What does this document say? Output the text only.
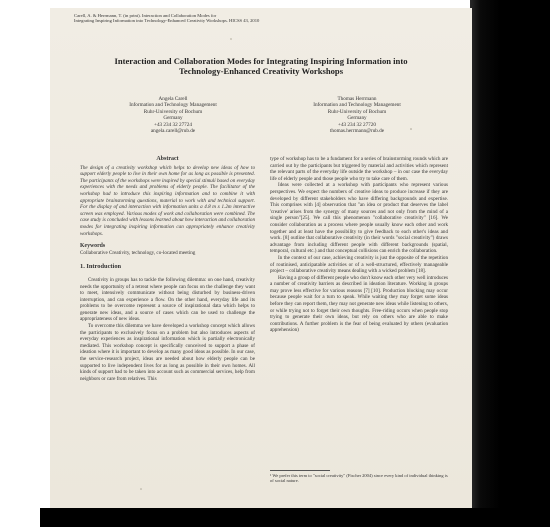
Carell, A. & Herrmann, T. (in print). Interaction and Collaboration Modes for
Integrating Inspiring Information into Technology-Enhanced Creativity Workshops. HICSS 43, 2010
Interaction and Collaboration Modes for Integrating Inspiring Information into
Technology-Enhanced Creativity Workshops
Angela Carell
Information and Technology Management
Ruhr-University of Bochum
Germany
+43 234 32 27724
angela.carell@rub.de
Thomas Herrmann
Information and Technology Management
Ruhr-University of Bochum
Germany
+43 234 32 27720
thomas.herrmann@rub.de
Abstract

The design of a creativity workshop which helps to develop new ideas of how to support elderly people to live in their own home for as long as possible is presented. The participants of the workshops were inspired by special stimuli based on everyday experiences with the needs and problems of elderly people. The facilitator of the workshop had to introduce this inspiring information and to combine it with appropriate brainstorming questions, material to work with and technical support. For the display of and interaction with information units a 4.8 m x 1.2m interactive screen was employed. Various modes of work and collaboration were combined. The case study is concluded with lessons learned about how interaction and collaboration modes for integrating inspiring information can appropriately enhance creativity workshops.

Keywords

Collaborative Creativity, technology, co-located meeting

1. Introduction

Creativity in groups has to tackle the following dilemma: on one hand, creativity needs the opportunity of a retreat where people can focus on the challenge they want to meet, intensively communicate without being disturbed by business-driven interruption, and can experience a flow. On the other hand, everyday life and its problems to be overcome represent a source of inspirational data which helps to generate new ideas, and a source of cases which can be used to challenge the appropriateness of new ideas.

To overcome this dilemma we have developed a workshop concept which allows the participants to exclusively focus on a problem but also introduces aspects of everyday experiences as inspirational information which is partially electronically mediated. This workshop concept is specifically conceived to support a phase of ideation where it is important to develop as many good ideas as possible. In our case, the service-research project, ideas are needed about how elderly people can be supported to live independent lives for as long as possible in their own homes. All kinds of support had to be taken into account such as commercial services, help from neighbors or care from relatives. This

type of workshop has to be a fundament for a series of brainstorming rounds which are carried out by the participants but triggered by material and activities which represent the relevant parts of the everyday life outside the workshop – in our case the everyday life of elderly people and those people who try to take care of them.

Ideas were collected at a workshop with participants who represent various perspectives. We expect the numbers of creative ideas to produce increase if they are developed by different stakeholders who have differing backgrounds and expertise. This comprises with [4] observation that "an idea or product that deserves the label 'creative' arises from the synergy of many sources and not only from the mind of a single person"[25]. We call this phenomenon "collaborative creativity" [16]. We consider collaboration as a process where people usually know each other and work together and at least have the possibility to give feedback to each other's ideas and work. [8] outline that collaborative creativity (in their words "social creativity") draws advantage from including different people with different backgrounds (spatial, temporal, cultural etc.) and that conceptual collisions can enrich the collaboration.

In the context of our case, achieving creativity is just the opposite of the repetition of routinised, anticipatable activities or of a well-structured, effectively manageable project – collaborative creativity means dealing with a wicked problem [18].

Having a group of different people who don't know each other very well introduces a number of creativity barriers as described in ideation literature. Working in groups may prove less effective for various reasons [7] [10]. Production blocking may occur because people wait for a turn to speak. While waiting they may forget some ideas before they can report them, they may not generate new ideas while listening to others, or while trying not to forget their own thoughts. Free-riding occurs when people stop trying to generate their own ideas, but rely on others who are able to make contributions. A further problem is the fear of being evaluated by others (evaluation apprehension)

¹ We prefer this term to "social creativity" (Fischer 2004) since every kind of individual thinking is of social nature.
